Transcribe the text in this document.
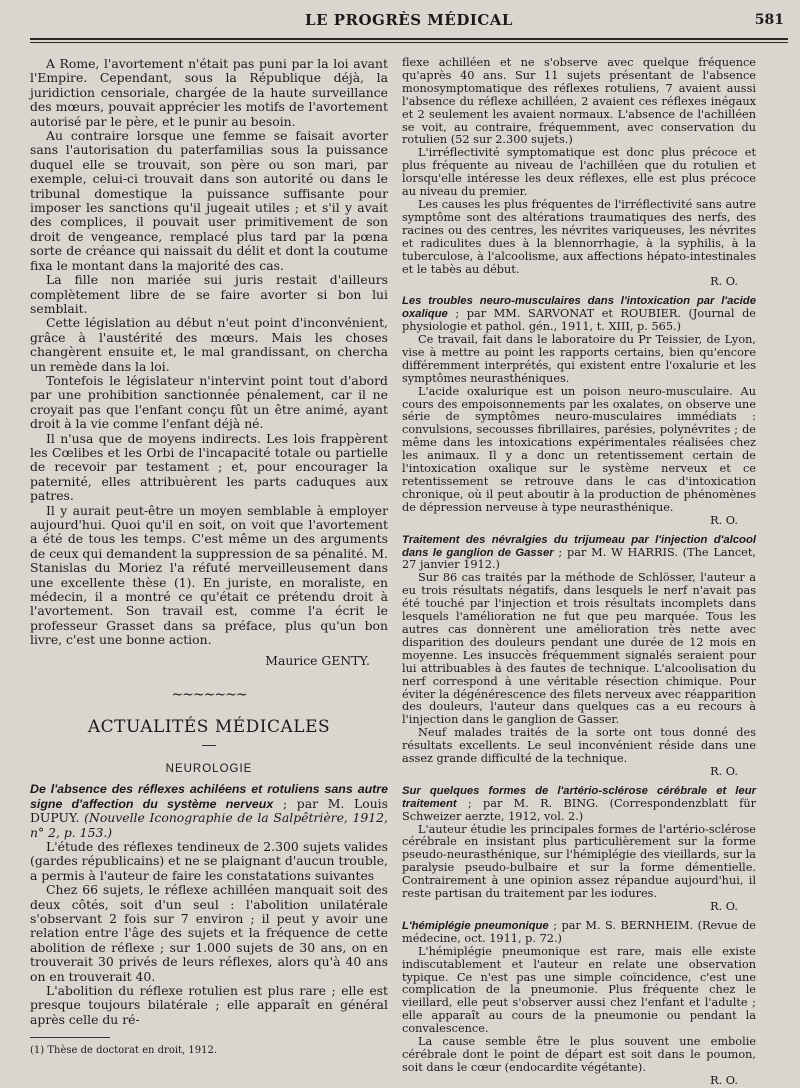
LE PROGRÈS MÉDICAL	581

A Rome, l'avortement n'était pas puni par la loi avant l'Empire. Cependant, sous la République déjà, la juridiction censoriale, chargée de la haute surveillance des mœurs, pouvait apprécier les motifs de l'avortement autorisé par le père, et le punir au besoin.

Au contraire lorsque une femme se faisait avorter sans l'autorisation du paterfamilias sous la puissance duquel elle se trouvait, son père ou son mari, par exemple, celui-ci trouvait dans son autorité ou dans le tribunal domestique la puissance suffisante pour imposer les sanctions qu'il jugeait utiles ; et s'il y avait des complices, il pouvait user primitivement de son droit de vengeance, remplacé plus tard par la pœna sorte de créance qui naissait du délit et dont la coutume fixa le montant dans la majorité des cas.

La fille non mariée sui juris restait d'ailleurs complètement libre de se faire avorter si bon lui semblait.

Cette législation au début n'eut point d'inconvénient, grâce à l'austérité des mœurs. Mais les choses changèrent ensuite et, le mal grandissant, on chercha un remède dans la loi.

Tontefois le législateur n'intervint point tout d'abord par une prohibition sanctionnée pénalement, car il ne croyait pas que l'enfant conçu fût un être animé, ayant droit à la vie comme l'enfant déjà né.

Il n'usa que de moyens indirects. Les lois frappèrent les Cœlibes et les Orbi de l'incapacité totale ou partielle de recevoir par testament ; et, pour encourager la paternité, elles attribuèrent les parts caduques aux patres.

Il y aurait peut-être un moyen semblable à employer aujourd'hui. Quoi qu'il en soit, on voit que l'avortement a été de tous les temps. C'est même un des arguments de ceux qui demandent la suppression de sa pénalité. M. Stanislas du Moriez l'a réfuté merveilleusement dans une excellente thèse (1). En juriste, en moraliste, en médecin, il a montré ce qu'était ce prétendu droit à l'avortement. Son travail est, comme l'a écrit le professeur Grasset dans sa préface, plus qu'un bon livre, c'est une bonne action.

Maurice GENTY.
~~~~~~~
ACTUALITÉS MÉDICALES
NEUROLOGIE

De l'absence des réflexes achiléens et rotuliens sans autre signe d'affection du système nerveux ; par M. Louis DUPUY. (Nouvelle Iconographie de la Salpêtrière, 1912, n° 2, p. 153.)

L'étude des réflexes tendineux de 2.300 sujets valides (gardes républicains) et ne se plaignant d'aucun trouble, a permis à l'auteur de faire les constatations suivantes

Chez 66 sujets, le réflexe achilléen manquait soit des deux côtés, soit d'un seul : l'abolition unilatérale s'observant 2 fois sur 7 environ ; il peut y avoir une relation entre l'âge des sujets et la fréquence de cette abolition de réflexe ; sur 1.000 sujets de 30 ans, on en trouverait 30 privés de leurs réflexes, alors qu'à 40 ans on en trouverait 40.

L'abolition du réflexe rotulien est plus rare ; elle est presque toujours bilatérale ; elle apparaît en général après celle du ré-

(1) Thèse de doctorat en droit, 1912.

flexe achilléen et ne s'observe avec quelque fréquence qu'après 40 ans. Sur 11 sujets présentant de l'absence monosymptomatique des réflexes rotuliens, 7 avaient aussi l'absence du réflexe achilléen, 2 avaient ces réflexes inégaux et 2 seulement les avaient normaux. L'absence de l'achilléen se voit, au contraire, fréquemment, avec conservation du rotulien (52 sur 2.300 sujets.)

L'irréflectivité symptomatique est donc plus précoce et plus fréquente au niveau de l'achilléen que du rotulien et lorsqu'elle intéresse les deux réflexes, elle est plus précoce au niveau du premier.

Les causes les plus fréquentes de l'irréflectivité sans autre symptôme sont des altérations traumatiques des nerfs, des racines ou des centres, les névrites variqueuses, les névrites et radiculites dues à la blennorrhagie, à la syphilis, à la tuberculose, à l'alcoolisme, aux affections hépato-intestinales et le tabès au début.

R. O.

Les troubles neuro-musculaires dans l'intoxication par l'acide oxalique ; par MM. SARVONAT et ROUBIER. (Journal de physiologie et pathol. gén., 1911, t. XIII, p. 565.)

Ce travail, fait dans le laboratoire du Pr Teissier, de Lyon, vise à mettre au point les rapports certains, bien qu'encore différemment interprétés, qui existent entre l'oxalurie et les symptômes neurasthéniques.

L'acide oxalurique est un poison neuro-musculaire. Au cours des empoisonnements par les oxalates, on observe une série de symptômes neuro-musculaires immédiats : convulsions, secousses fibrillaires, parésies, polynévrites ; de même dans les intoxications expérimentales réalisées chez les animaux. Il y a donc un retentissement certain de l'intoxication oxalique sur le système nerveux et ce retentissement se retrouve dans le cas d'intoxication chronique, où il peut aboutir à la production de phénomènes de dépression nerveuse à type neurasthénique.

R. O.

Traitement des névralgies du trijumeau par l'injection d'alcool dans le ganglion de Gasser ; par M. W HARRIS. (The Lancet, 27 janvier 1912.)

Sur 86 cas traités par la méthode de Schlösser, l'auteur a eu trois résultats négatifs, dans lesquels le nerf n'avait pas été touché par l'injection et trois résultats incomplets dans lesquels l'amélioration ne fut que peu marquée. Tous les autres cas donnèrent une amélioration très nette avec disparition des douleurs pendant une durée de 12 mois en moyenne. Les insuccès fréquemment signalés seraient pour lui attribuables à des fautes de technique. L'alcoolisation du nerf correspond à une véritable résection chimique. Pour éviter la dégénérescence des filets nerveux avec réapparition des douleurs, l'auteur dans quelques cas a eu recours à l'injection dans le ganglion de Gasser.

Neuf malades traités de la sorte ont tous donné des résultats excellents. Le seul inconvénient réside dans une assez grande difficulté de la technique.

R. O.

Sur quelques formes de l'artério-sclérose cérébrale et leur traitement ; par M. R. BING. (Correspondenzblatt für Schweizer aerzte, 1912, vol. 2.)

L'auteur étudie les principales formes de l'artério-sclérose cérébrale en insistant plus particulièrement sur la forme pseudo-neurasthénique, sur l'hémiplégie des vieillards, sur la paralysie pseudo-bulbaire et sur la forme démentielle. Contrairement à une opinion assez répandue aujourd'hui, il reste partisan du traitement par les iodures.

R. O.

L'hémiplégie pneumonique ; par M. S. BERNHEIM. (Revue de médecine, oct. 1911, p. 72.)

L'hémiplégie pneumonique est rare, mais elle existe indiscutablement et l'auteur en relate une observation typique. Ce n'est pas une simple coïncidence, c'est une complication de la pneumonie. Plus fréquente chez le vieillard, elle peut s'observer aussi chez l'enfant et l'adulte ; elle apparaît au cours de la pneumonie ou pendant la convalescence.

La cause semble être le plus souvent une embolie cérébrale dont le point de départ est soit dans le poumon, soit dans le cœur (endocardite végétante).

R. O.
